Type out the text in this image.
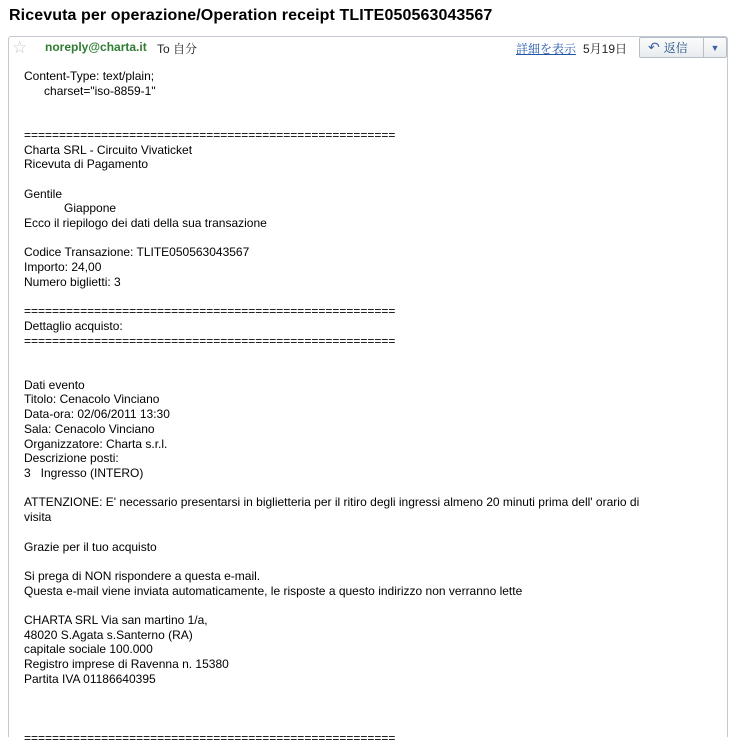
Ricevuta per operazione/Operation receipt TLITE050563043567
☆ noreply@charta.it To 自分	詳細を表示 5月19日 ↶ 返信	▼
Content-Type: text/plain;
charset="iso-8859-1"

=====================================================
Charta SRL - Circuito Vivaticket
Ricevuta di Pagamento

Gentile
Giappone
Ecco il riepilogo dei dati della sua transazione

Codice Transazione: TLITE050563043567
Importo: 24,00
Numero biglietti: 3

=====================================================
Dettaglio acquisto:
=====================================================

Dati evento
Titolo: Cenacolo Vinciano
Data-ora: 02/06/2011 13:30
Sala: Cenacolo Vinciano
Organizzatore: Charta s.r.l.
Descrizione posti:
3   Ingresso (INTERO)

ATTENZIONE: E' necessario presentarsi in biglietteria per il ritiro degli ingressi almeno 20 minuti prima dell' orario di
visita

Grazie per il tuo acquisto

Si prega di NON rispondere a questa e-mail.
Questa e-mail viene inviata automaticamente, le risposte a questo indirizzo non verranno lette

CHARTA SRL Via san martino 1/a,
48020 S.Agata s.Santerno (RA)
capitale sociale 100.000
Registro imprese di Ravenna n. 15380
Partita IVA 01186640395

=====================================================
